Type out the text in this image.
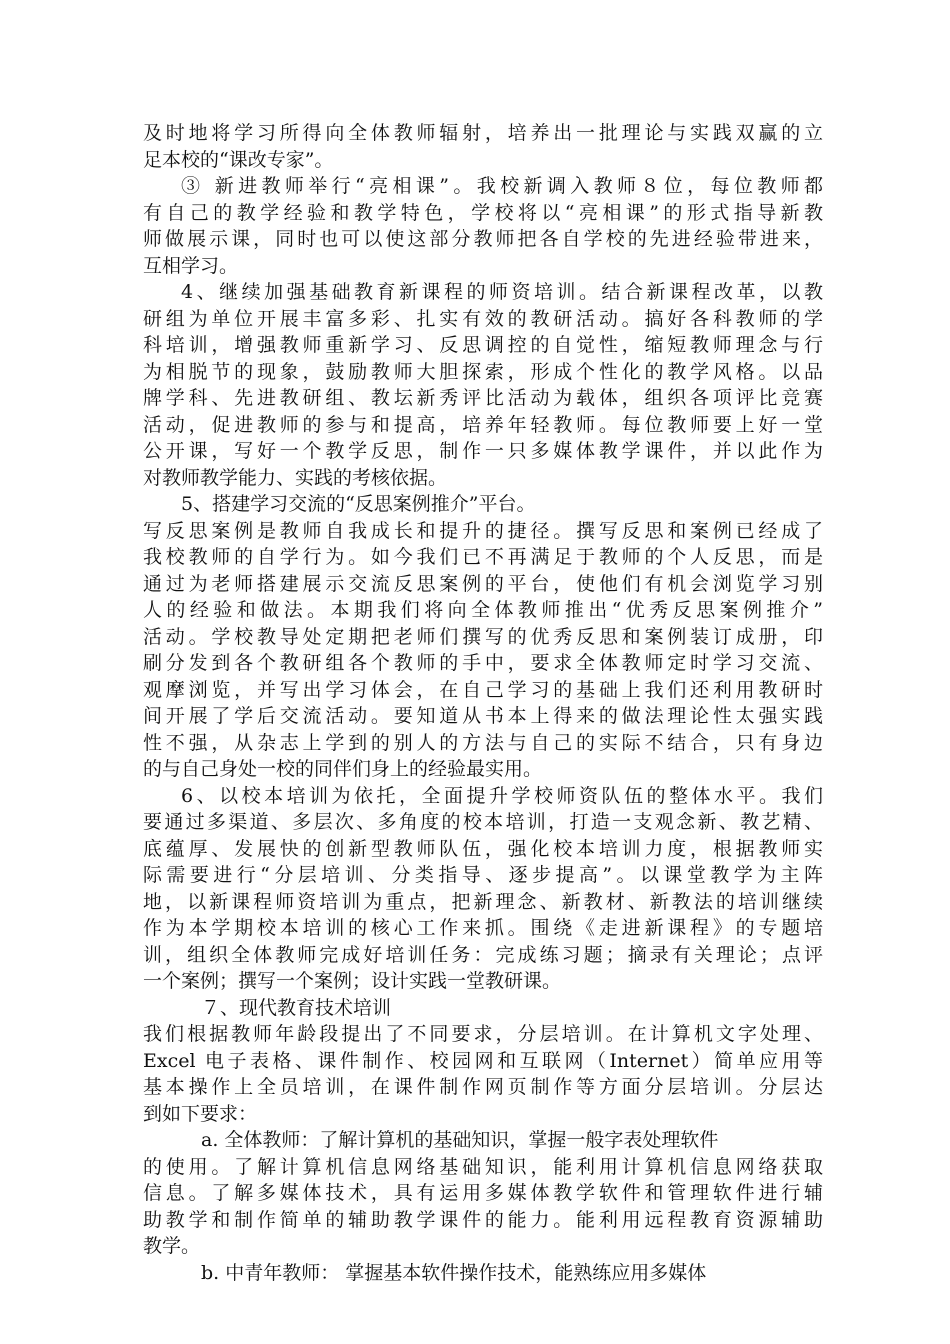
及时地将学习所得向全体教师辐射，培养出一批理论与实践双赢的立
足本校的“课改专家”。
③ 新进教师举行“亮相课”。我校新调入教师８位，每位教师都
有自己的教学经验和教学特色，学校将以“亮相课”的形式指导新教
师做展示课，同时也可以使这部分教师把各自学校的先进经验带进来，
互相学习。
4、继续加强基础教育新课程的师资培训。结合新课程改革，以教
研组为单位开展丰富多彩、扎实有效的教研活动。搞好各科教师的学
科培训，增强教师重新学习、反思调控的自觉性，缩短教师理念与行
为相脱节的现象，鼓励教师大胆探索，形成个性化的教学风格。以品
牌学科、先进教研组、教坛新秀评比活动为载体，组织各项评比竞赛
活动，促进教师的参与和提高，培养年轻教师。每位教师要上好一堂
公开课，写好一个教学反思，制作一只多媒体教学课件，并以此作为
对教师教学能力、实践的考核依据。
5、搭建学习交流的“反思案例推介”平台。
写反思案例是教师自我成长和提升的捷径。撰写反思和案例已经成了
我校教师的自学行为。如今我们已不再满足于教师的个人反思，而是
通过为老师搭建展示交流反思案例的平台，使他们有机会浏览学习别
人的经验和做法。本期我们将向全体教师推出“优秀反思案例推介”
活动。学校教导处定期把老师们撰写的优秀反思和案例装订成册，印
刷分发到各个教研组各个教师的手中，要求全体教师定时学习交流、
观摩浏览，并写出学习体会，在自己学习的基础上我们还利用教研时
间开展了学后交流活动。要知道从书本上得来的做法理论性太强实践
性不强，从杂志上学到的别人的方法与自己的实际不结合，只有身边
的与自己身处一校的同伴们身上的经验最实用。
6、以校本培训为依托，全面提升学校师资队伍的整体水平。我们
要通过多渠道、多层次、多角度的校本培训，打造一支观念新、教艺精、
底蕴厚、发展快的创新型教师队伍，强化校本培训力度，根据教师实
际需要进行“分层培训、分类指导、逐步提高”。以课堂教学为主阵
地，以新课程师资培训为重点，把新理念、新教材、新教法的培训继续
作为本学期校本培训的核心工作来抓。围绕《走进新课程》的专题培
训，组织全体教师完成好培训任务：完成练习题；摘录有关理论；点评
一个案例；撰写一个案例；设计实践一堂教研课。
７、现代教育技术培训
我们根据教师年龄段提出了不同要求，分层培训。在计算机文字处理、
Excel 电子表格、课件制作、校园网和互联网（Internet）简单应用等
基本操作上全员培训，在课件制作网页制作等方面分层培训。分层达
到如下要求：
a. 全体教师：了解计算机的基础知识，掌握一般字表处理软件
的使用。了解计算机信息网络基础知识，能利用计算机信息网络获取
信息。了解多媒体技术，具有运用多媒体教学软件和管理软件进行辅
助教学和制作简单的辅助教学课件的能力。能利用远程教育资源辅助
教学。
b. 中青年教师： 掌握基本软件操作技术，能熟练应用多媒体
